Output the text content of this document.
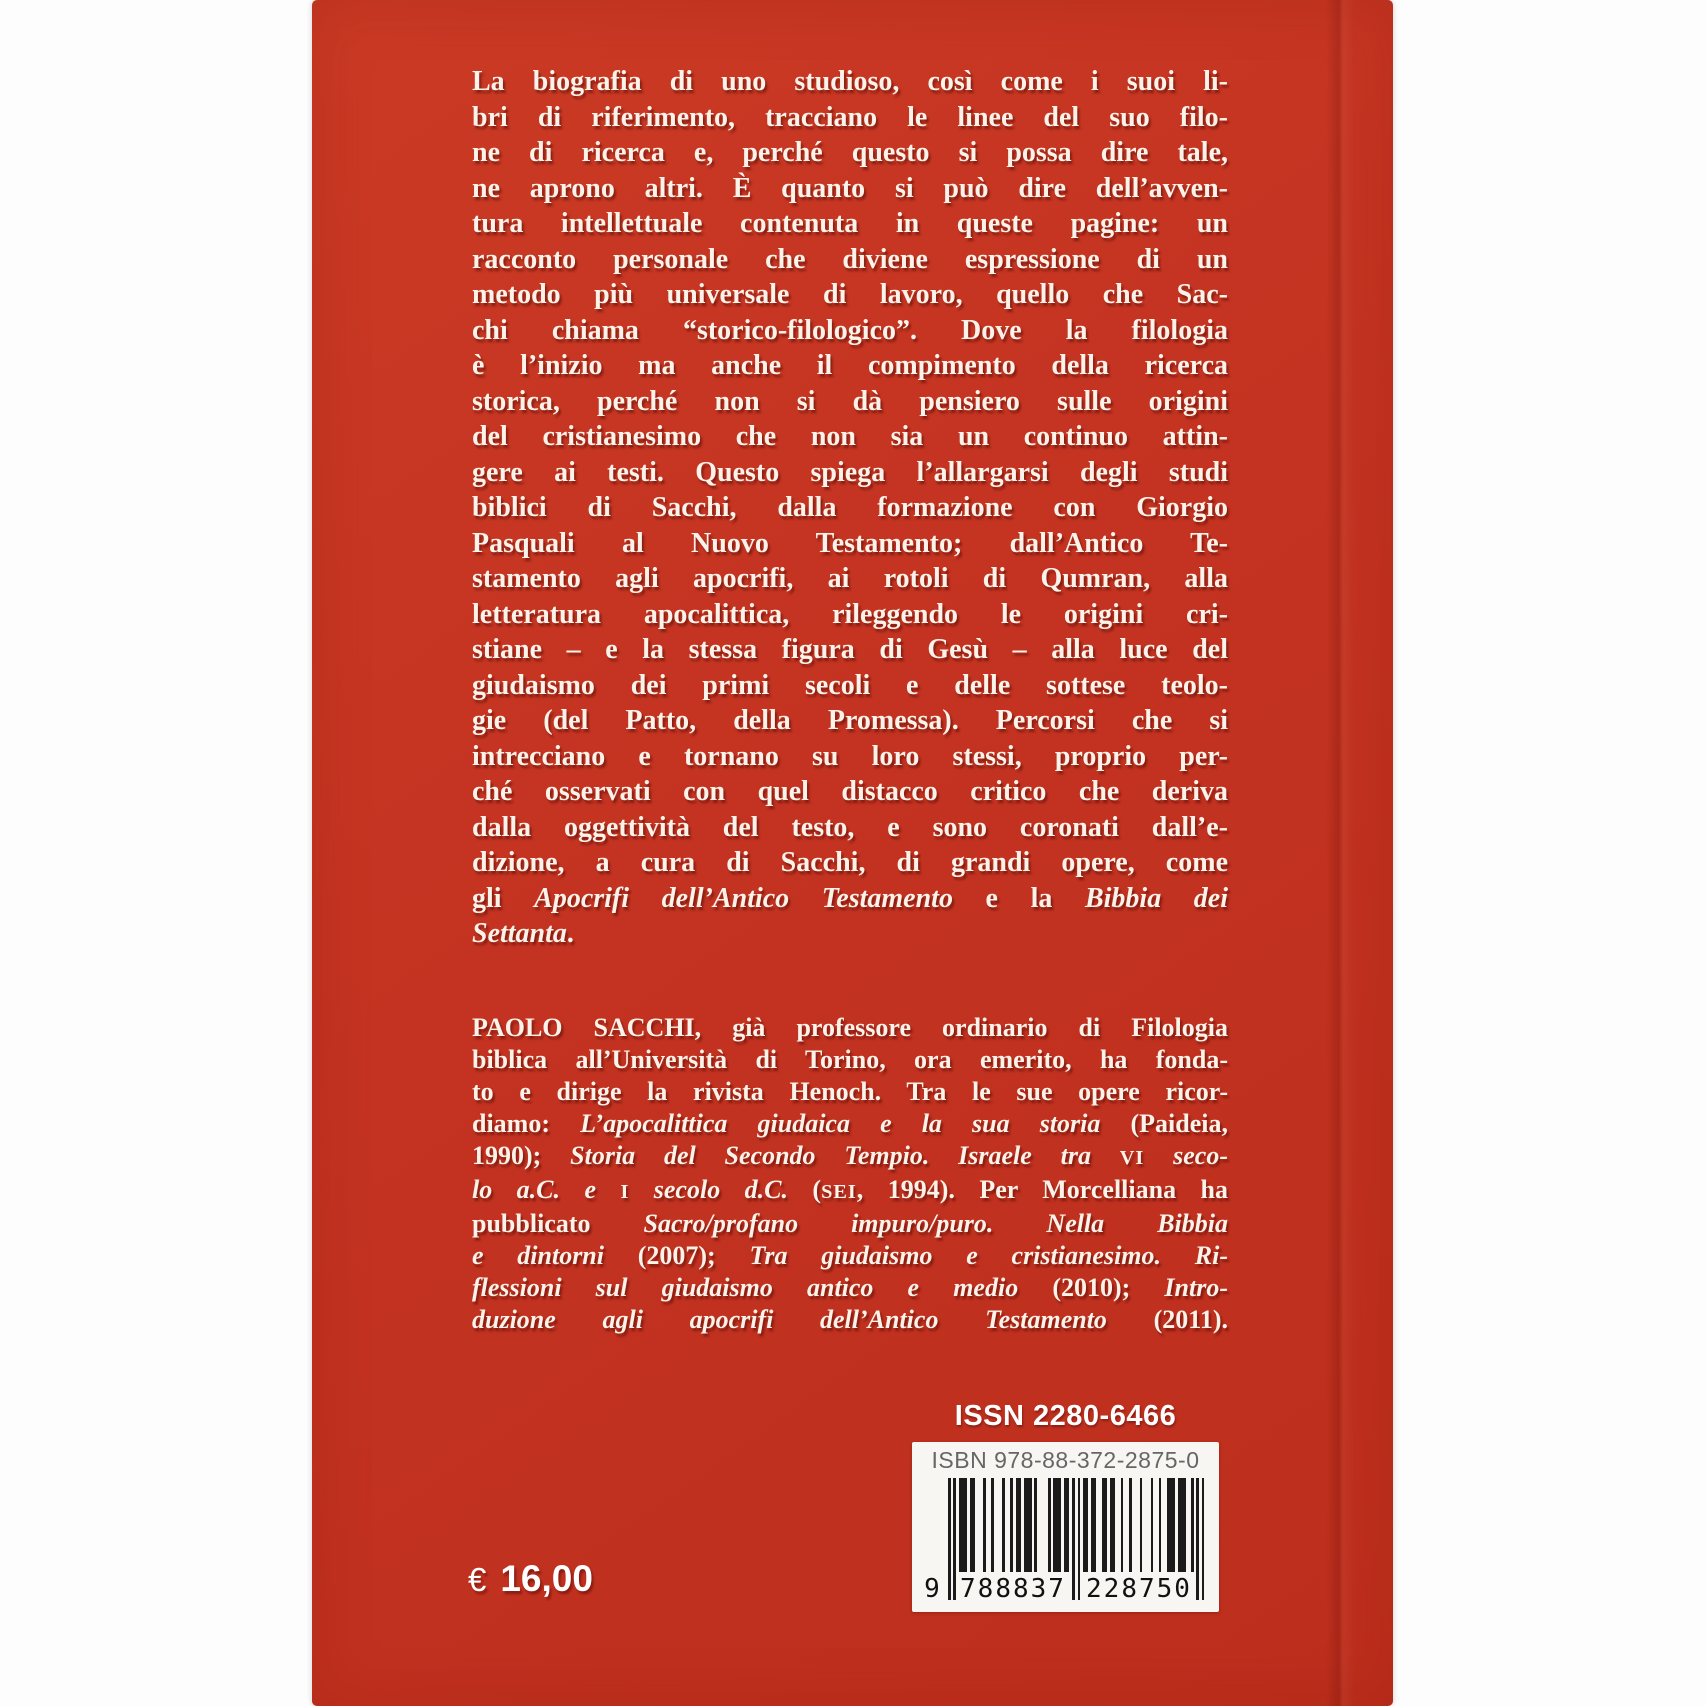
La biografia di uno studioso, così come i suoi li-
bri di riferimento, tracciano le linee del suo filo-
ne di ricerca e, perché questo si possa dire tale,
ne aprono altri. È quanto si può dire dell’avven-
tura intellettuale contenuta in queste pagine: un
racconto personale che diviene espressione di un
metodo più universale di lavoro, quello che Sac-
chi chiama “storico-filologico”. Dove la filologia
è l’inizio ma anche il compimento della ricerca
storica, perché non si dà pensiero sulle origini
del cristianesimo che non sia un continuo attin-
gere ai testi. Questo spiega l’allargarsi degli studi
biblici di Sacchi, dalla formazione con Giorgio
Pasquali al Nuovo Testamento; dall’Antico Te-
stamento agli apocrifi, ai rotoli di Qumran, alla
letteratura apocalittica, rileggendo le origini cri-
stiane – e la stessa figura di Gesù – alla luce del
giudaismo dei primi secoli e delle sottese teolo-
gie (del Patto, della Promessa). Percorsi che si
intrecciano e tornano su loro stessi, proprio per-
ché osservati con quel distacco critico che deriva
dalla oggettività del testo, e sono coronati dall’e-
dizione, a cura di Sacchi, di grandi opere, come
gli Apocrifi dell’Antico Testamento e la Bibbia dei
Settanta.
PAOLO SACCHI, già professore ordinario di Filologia
biblica all’Università di Torino, ora emerito, ha fonda-
to e dirige la rivista Henoch. Tra le sue opere ricor-
diamo: L’apocalittica giudaica e la sua storia (Paideia,
1990); Storia del Secondo Tempio. Israele tra VI seco-
lo a.C. e I secolo d.C. (SEI, 1994). Per Morcelliana ha
pubblicato Sacro/profano impuro/puro. Nella Bibbia
e dintorni (2007); Tra giudaismo e cristianesimo. Ri-
flessioni sul giudaismo antico e medio (2010); Intro-
duzione agli apocrifi dell’Antico Testamento (2011).
ISSN 2280-6466
ISBN 978-88-372-2875-0
9 788837 228750
€ 16,00
